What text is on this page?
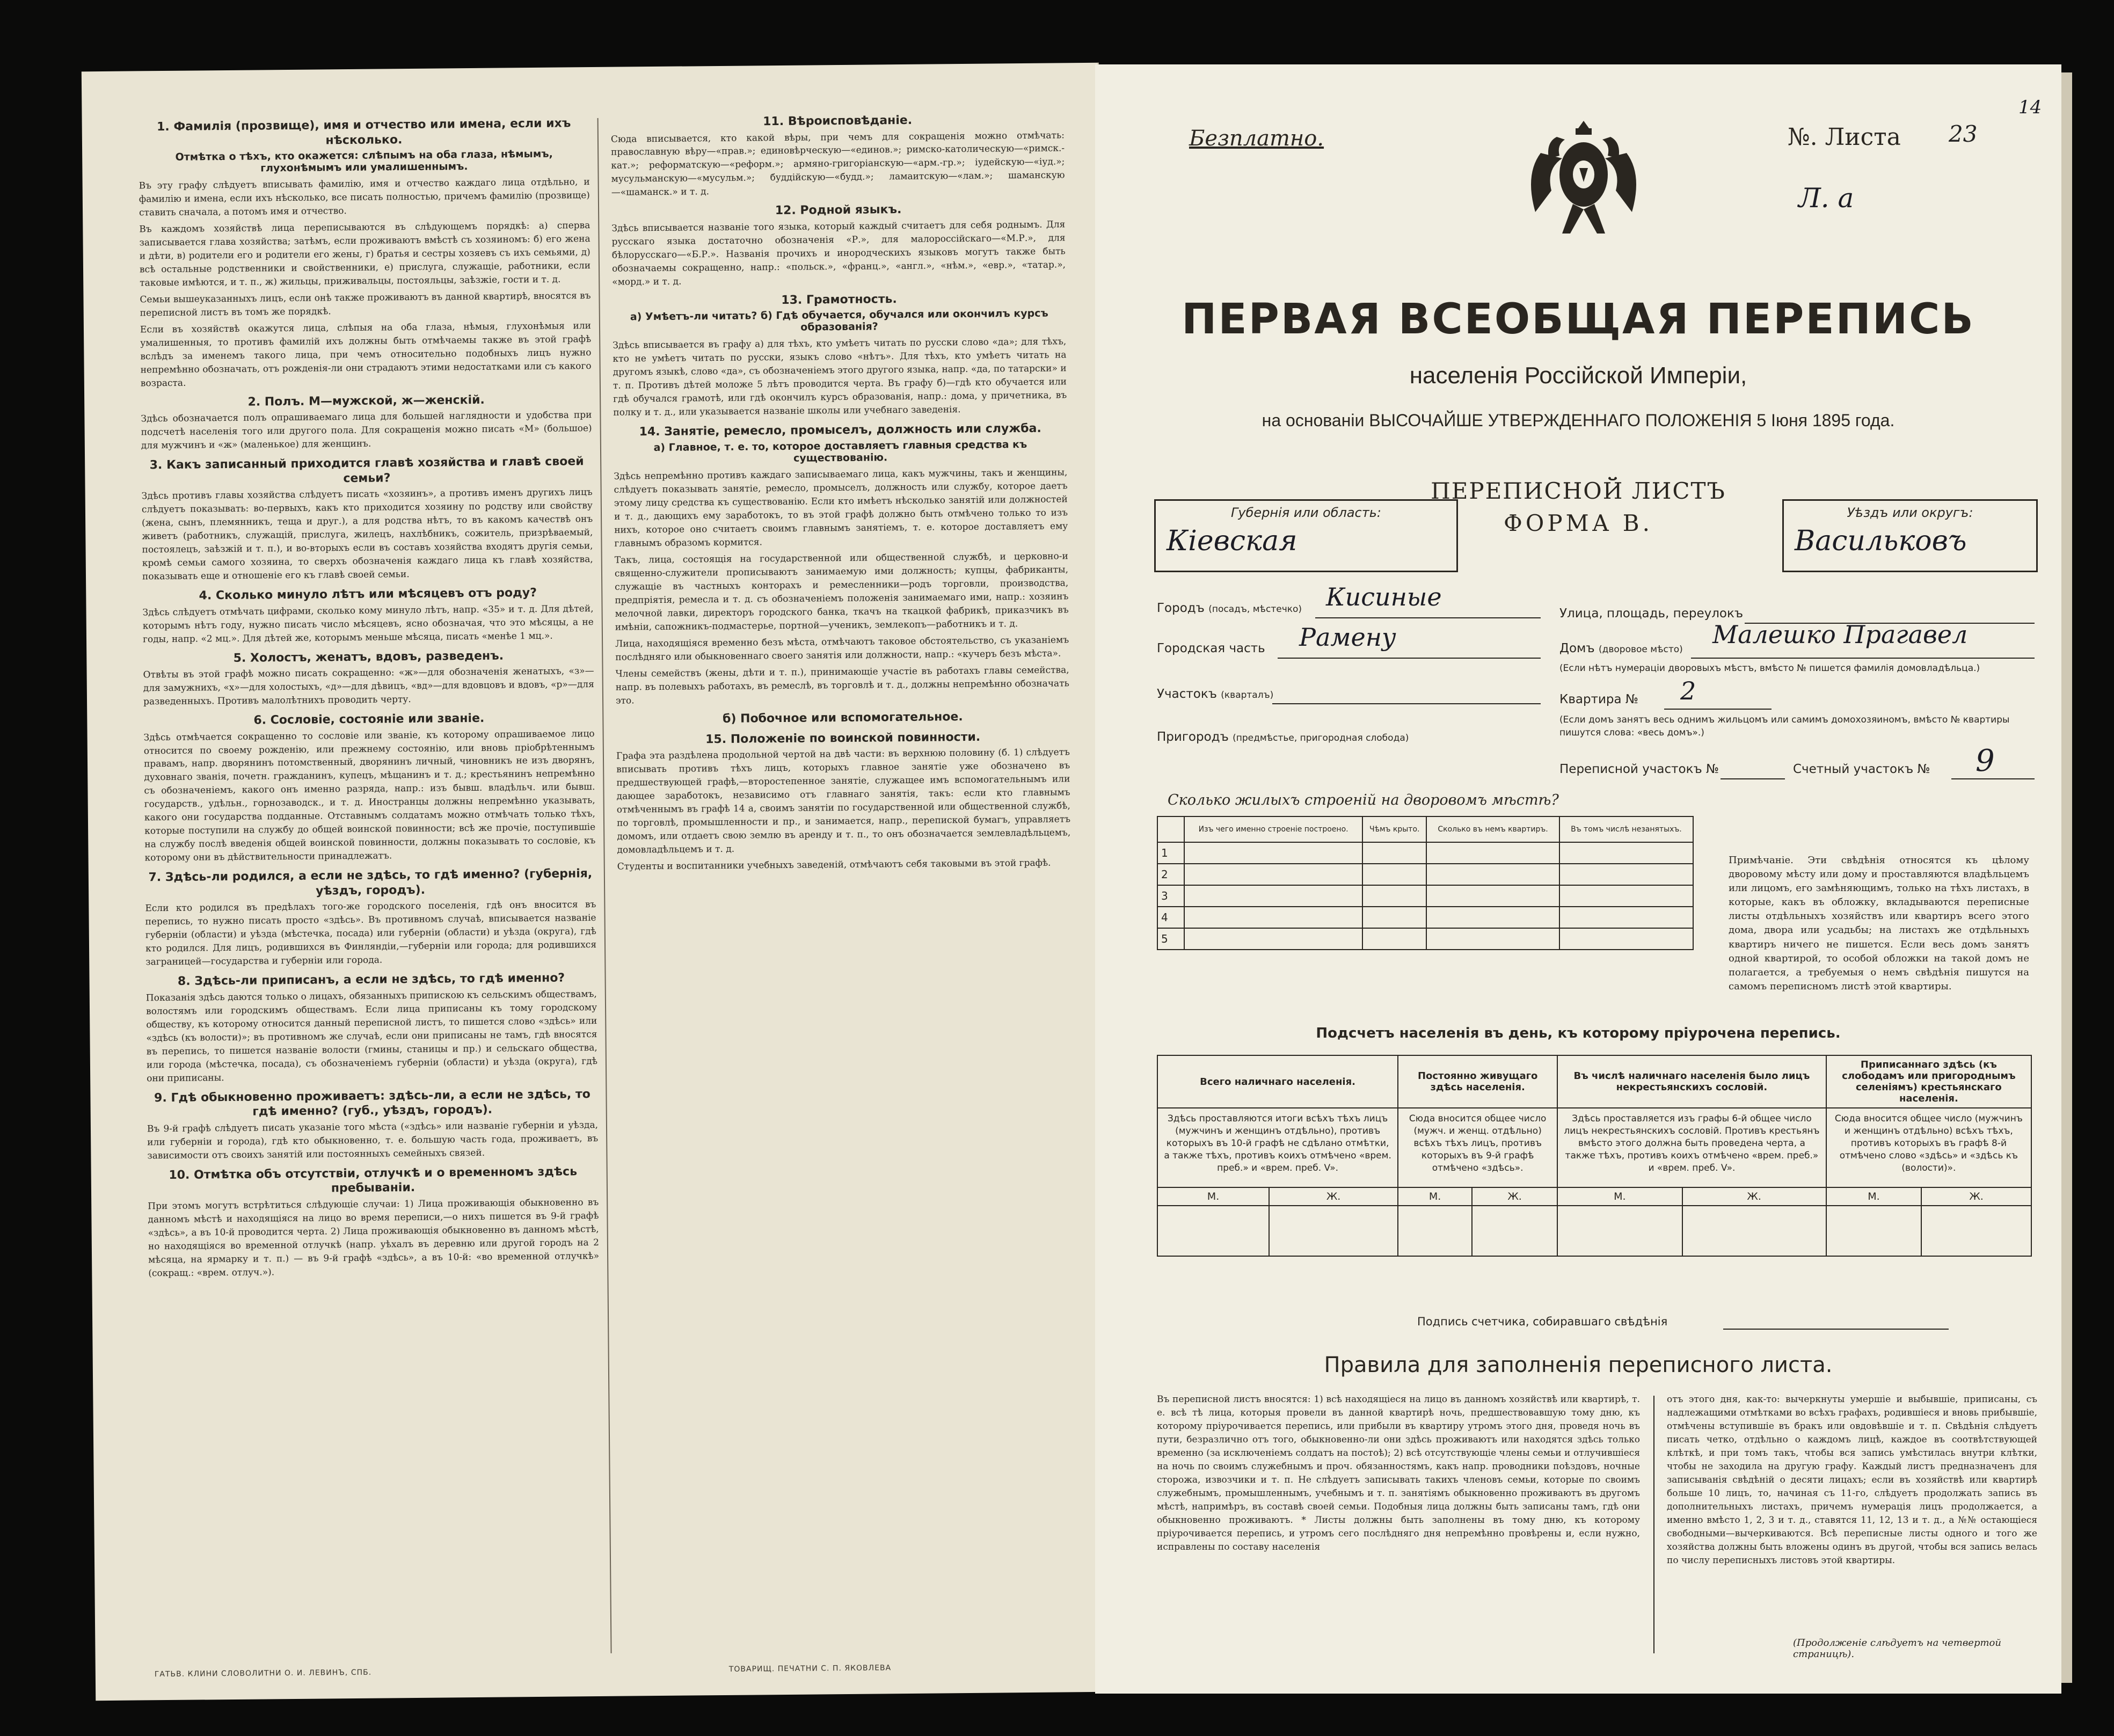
1. Фамилія (прозвище), имя и отчество или имена, если ихъ нѣсколько.
Отмѣтка о тѣхъ, кто окажется: слѣпымъ на оба глаза, нѣмымъ, глухонѣмымъ или умалишеннымъ.
Въ эту графу слѣдуетъ вписывать фамилію, имя и отчество каждаго лица отдѣльно, и фамилію и имена, если ихъ нѣсколько, все писать полностью, причемъ фамилію (прозвище) ставить сначала, а потомъ имя и отчество.
Въ каждомъ хозяйствѣ лица переписываются въ слѣдующемъ порядкѣ: а) сперва записывается глава хозяйства; затѣмъ, если проживаютъ вмѣстѣ съ хозяиномъ: б) его жена и дѣти, в) родители его и родители его жены, г) братья и сестры хозяевъ съ ихъ семьями, д) всѣ остальные родственники и свойственники, е) прислуга, служащіе, работники, если таковые имѣются, и т. п., ж) жильцы, приживальцы, постояльцы, заѣзжіе, гости и т. д.
Семьи вышеуказанныхъ лицъ, если онѣ также проживаютъ въ данной квартирѣ, вносятся въ переписной листъ въ томъ же порядкѣ.
Если въ хозяйствѣ окажутся лица, слѣпыя на оба глаза, нѣмыя, глухонѣмыя или умалишенныя, то противъ фамилій ихъ должны быть отмѣчаемы также въ этой графѣ вслѣдъ за именемъ такого лица, при чемъ относительно подобныхъ лицъ нужно непремѣнно обозначать, отъ рожденія-ли они страдаютъ этими недостатками или съ какого возраста.
2. Полъ. М—мужской, ж—женскій.
Здѣсь обозначается полъ опрашиваемаго лица для большей наглядности и удобства при подсчетѣ населенія того или другого пола. Для сокращенія можно писать «М» (большое) для мужчинъ и «ж» (маленькое) для женщинъ.
3. Какъ записанный приходится главѣ хозяйства и главѣ своей семьи?
Здѣсь противъ главы хозяйства слѣдуетъ писать «хозяинъ», а противъ именъ другихъ лицъ слѣдуетъ показывать: во-первыхъ, какъ кто приходится хозяину по родству или свойству (жена, сынъ, племянникъ, теща и друг.), а для родства нѣтъ, то въ какомъ качествѣ онъ живетъ (работникъ, служащій, прислуга, жилецъ, нахлѣбникъ, сожитель, призрѣваемый, постоялецъ, заѣзжій и т. п.), и во-вторыхъ если въ составъ хозяйства входятъ другія семьи, кромѣ семьи самого хозяина, то сверхъ обозначенія каждаго лица къ главѣ хозяйства, показывать еще и отношеніе его къ главѣ своей семьи.
4. Сколько минуло лѣтъ или мѣсяцевъ отъ роду?
Здѣсь слѣдуетъ отмѣчать цифрами, сколько кому минуло лѣтъ, напр. «35» и т. д. Для дѣтей, которымъ нѣтъ году, нужно писать число мѣсяцевъ, ясно обозначая, что это мѣсяцы, а не годы, напр. «2 мц.». Для дѣтей же, которымъ меньше мѣсяца, писать «менѣе 1 мц.».
5. Холостъ, женатъ, вдовъ, разведенъ.
Отвѣты въ этой графѣ можно писать сокращенно: «ж»—для обозначенія женатыхъ, «з»—для замужнихъ, «х»—для холостыхъ, «д»—для дѣвицъ, «вд»—для вдовцовъ и вдовъ, «р»—для разведенныхъ. Противъ малолѣтнихъ проводить черту.
6. Сословіе, состояніе или званіе.
Здѣсь отмѣчается сокращенно то сословіе или званіе, къ которому опрашиваемое лицо относится по своему рожденію, или прежнему состоянію, или вновь пріобрѣтеннымъ правамъ, напр. дворянинъ потомственный, дворянинъ личный, чиновникъ не изъ дворянъ, духовнаго званія, почетн. гражданинъ, купецъ, мѣщанинъ и т. д.; крестьянинъ непремѣнно съ обозначеніемъ, какого онъ именно разряда, напр.: изъ бывш. владѣльч. или бывш. государств., удѣльн., горнозаводск., и т. д. Иностранцы должны непремѣнно указывать, какого они государства подданные. Отставнымъ солдатамъ можно отмѣчать только тѣхъ, которые поступили на службу до общей воинской повинности; всѣ же прочіе, поступившіе на службу послѣ введенія общей воинской повинности, должны показывать то сословіе, къ которому они въ дѣйствительности принадлежатъ.
7. Здѣсь-ли родился, а если не здѣсь, то гдѣ именно? (губернія, уѣздъ, городъ).
Если кто родился въ предѣлахъ того-же городского поселенія, гдѣ онъ вносится въ перепись, то нужно писать просто «здѣсь». Въ противномъ случаѣ, вписывается названіе губерніи (области) и уѣзда (мѣстечка, посада) или губерніи (области) и уѣзда (округа), гдѣ кто родился. Для лицъ, родившихся въ Финляндіи,—губерніи или города; для родившихся заграницей—государства и губерніи или города.
8. Здѣсь-ли приписанъ, а если не здѣсь, то гдѣ именно?
Показанія здѣсь даются только о лицахъ, обязанныхъ припискою къ сельскимъ обществамъ, волостямъ или городскимъ обществамъ. Если лица приписаны къ тому городскому обществу, къ которому относится данный переписной листъ, то пишется слово «здѣсь» или «здѣсь (къ волости)»; въ противномъ же случаѣ, если они приписаны не тамъ, гдѣ вносятся въ перепись, то пишется названіе волости (гмины, станицы и пр.) и сельскаго общества, или города (мѣстечка, посада), съ обозначеніемъ губерніи (области) и уѣзда (округа), гдѣ они приписаны.
9. Гдѣ обыкновенно проживаетъ: здѣсь-ли, а если не здѣсь, то гдѣ именно? (губ., уѣздъ, городъ).
Въ 9-й графѣ слѣдуетъ писать указаніе того мѣста («здѣсь» или названіе губерніи и уѣзда, или губерніи и города), гдѣ кто обыкновенно, т. е. большую часть года, проживаетъ, въ зависимости отъ своихъ занятій или постоянныхъ семейныхъ связей.
10. Отмѣтка объ отсутствіи, отлучкѣ и о временномъ здѣсь пребываніи.
При этомъ могутъ встрѣтиться слѣдующіе случаи: 1) Лица проживающія обыкновенно въ данномъ мѣстѣ и находящіяся на лицо во время переписи,—о нихъ пишется въ 9-й графѣ «здѣсь», а въ 10-й проводится черта. 2) Лица проживающія обыкновенно въ данномъ мѣстѣ, но находящіяся во временной отлучкѣ (напр. уѣхалъ въ деревню или другой городъ на 2 мѣсяца, на ярмарку и т. п.) — въ 9-й графѣ «здѣсь», а въ 10-й: «во временной отлучкѣ» (сокращ.: «врем. отлуч.»).
11. Вѣроисповѣданіе.
Сюда вписывается, кто какой вѣры, при чемъ для сокращенія можно отмѣчать: православную вѣру—«прав.»; единовѣрческую—«единов.»; римско-католическую—«римск.-кат.»; реформатскую—«реформ.»; армяно-григоріанскую—«арм.-гр.»; іудейскую—«іуд.»; мусульманскую—«мусульм.»; буддійскую—«будд.»; ламаитскую—«лам.»; шаманскую—«шаманск.» и т. д.
12. Родной языкъ.
Здѣсь вписывается названіе того языка, который каждый считаетъ для себя роднымъ. Для русскаго языка достаточно обозначенія «Р.», для малороссійскаго—«М.Р.», для бѣлорусскаго—«Б.Р.». Названія прочихъ и инородческихъ языковъ могутъ также быть обозначаемы сокращенно, напр.: «польск.», «франц.», «англ.», «нѣм.», «евр.», «татар.», «морд.» и т. д.
13. Грамотность.
а) Умѣетъ-ли читать? б) Гдѣ обучается, обучался или окончилъ курсъ образованія?
Здѣсь вписывается въ графу а) для тѣхъ, кто умѣетъ читать по русски слово «да»; для тѣхъ, кто не умѣетъ читать по русски, языкъ слово «нѣтъ». Для тѣхъ, кто умѣетъ читать на другомъ языкѣ, слово «да», съ обозначеніемъ этого другого языка, напр. «да, по татарски» и т. п. Противъ дѣтей моложе 5 лѣтъ проводится черта. Въ графу б)—гдѣ кто обучается или гдѣ обучался грамотѣ, или гдѣ окончилъ курсъ образованія, напр.: дома, у причетника, въ полку и т. д., или указывается названіе школы или учебнаго заведенія.
14. Занятіе, ремесло, промыселъ, должность или служба.
а) Главное, т. е. то, которое доставляетъ главныя средства къ существованію.
Здѣсь непремѣнно противъ каждаго записываемаго лица, какъ мужчины, такъ и женщины, слѣдуетъ показывать занятіе, ремесло, промыселъ, должность или службу, которое даетъ этому лицу средства къ существованію. Если кто имѣетъ нѣсколько занятій или должностей и т. д., дающихъ ему заработокъ, то въ этой графѣ должно быть отмѣчено только то изъ нихъ, которое оно считаетъ своимъ главнымъ занятіемъ, т. е. которое доставляетъ ему главнымъ образомъ кормится.
Такъ, лица, состоящія на государственной или общественной службѣ, и церковно-и священно-служители прописываютъ занимаемую ими должность; купцы, фабриканты, служащіе въ частныхъ конторахъ и ремесленники—родъ торговли, производства, предпріятія, ремесла и т. д. съ обозначеніемъ положенія занимаемаго ими, напр.: хозяинъ мелочной лавки, директоръ городского банка, ткачъ на ткацкой фабрикѣ, приказчикъ въ имѣніи, сапожникъ-подмастерье, портной—ученикъ, землекопъ—работникъ и т. д.
Лица, находящіяся временно безъ мѣста, отмѣчаютъ таковое обстоятельство, съ указаніемъ послѣдняго или обыкновеннаго своего занятія или должности, напр.: «кучеръ безъ мѣста».
Члены семействъ (жены, дѣти и т. п.), принимающіе участіе въ работахъ главы семейства, напр. въ полевыхъ работахъ, въ ремеслѣ, въ торговлѣ и т. д., должны непремѣнно обозначать это.
б) Побочное или вспомогательное.
15. Положеніе по воинской повинности.
Графа эта раздѣлена продольной чертой на двѣ части: въ верхнюю половину (б. 1) слѣдуетъ вписывать противъ тѣхъ лицъ, которыхъ главное занятіе уже обозначено въ предшествующей графѣ,—второстепенное занятіе, служащее имъ вспомогательнымъ или дающее заработокъ, независимо отъ главнаго занятія, такъ: если кто главнымъ отмѣченнымъ въ графѣ 14 а, своимъ занятіи по государственной или общественной службѣ, по торговлѣ, промышленности и пр., и занимается, напр., перепиской бумагъ, управляетъ домомъ, или отдаетъ свою землю въ аренду и т. п., то онъ обозначается землевладѣльцемъ, домовладѣльцемъ и т. д.
Студенты и воспитанники учебныхъ заведеній, отмѣчаютъ себя таковыми въ этой графѣ.
ГАТЬВ. КЛИНИ СЛОВОЛИТНИ О. И. ЛЕВИНЪ, СПБ.	ТОВАРИЩ. ПЕЧАТНИ С. П. ЯКОВЛЕВА
14
Безплатно.	№. Листа 23
Л. а
ПЕРВАЯ ВСЕОБЩАЯ ПЕРЕПИСЬ
населенія Россійской Имперіи,
на основаніи ВЫСОЧАЙШЕ УТВЕРЖДЕННАГО ПОЛОЖЕНІЯ 5 Іюня 1895 года.
ПЕРЕПИСНОЙ ЛИСТЪ
ФОРМА В.
Губернія или область:
Кіевская
Уѣздъ или округъ:
Васильковъ
Городъ (посадъ, мѣстечко) Кисиные
Городская часть Рамену
Участокъ (кварталъ)
Пригородъ (предмѣстье, пригородная слобода)
Улица, площадь, переулокъ
Домъ (дворовое мѣсто)
Малешко Прагавел
(Если нѣтъ нумераціи дворовыхъ мѣстъ, вмѣсто № пишется фамилія домовладѣльца.)
Квартира № 2
(Если домъ занятъ весь однимъ жильцомъ или самимъ домохозяиномъ, вмѣсто № квартиры пишутся слова: «весь домъ».)
Переписной участокъ №	Счетный участокъ № 9
Сколько жилыхъ строеній на дворовомъ мѣстѣ?
	Изъ чего именно строеніе построено.	Чѣмъ крыто.	Сколько въ немъ квартиръ.	Въ томъ числѣ незанятыхъ.
1				
2				
3				
4				
5				
Примѣчаніе. Эти свѣдѣнія относятся къ цѣлому дворовому мѣсту или дому и проставляются владѣльцемъ или лицомъ, его замѣняющимъ, только на тѣхъ листахъ, в которые, какъ въ обложку, вкладываются переписные листы отдѣльныхъ хозяйствъ или квартиръ всего этого дома, двора или усадьбы; на листахъ же отдѣльныхъ квартиръ ничего не пишется. Если весь домъ занятъ одной квартирой, то особой обложки на такой домъ не полагается, а требуемыя о немъ свѣдѣнія пишутся на самомъ переписномъ листѣ этой квартиры.
Подсчетъ населенія въ день, къ которому пріурочена перепись.
Всего наличнаго населенія.		Постоянно живущаго здѣсь населенія.		Въ числѣ наличнаго населенія было лицъ некрестьянскихъ сословій.		Приписаннаго здѣсь (къ слободамъ или пригороднымъ селеніямъ) крестьянскаго населенія.	
Здѣсь проставляются итоги всѣхъ тѣхъ лицъ (мужчинъ и женщинъ отдѣльно), противъ которыхъ въ 10-й графѣ не сдѣлано отмѣтки, а также тѣхъ, противъ коихъ отмѣчено «врем. преб.» и «врем. преб. V».		Сюда вносится общее число (мужч. и женщ. отдѣльно) всѣхъ тѣхъ лицъ, противъ которыхъ въ 9-й графѣ отмѣчено «здѣсь».		Здѣсь проставляется изъ графы 6-й общее число лицъ некрестьянскихъ сословій. Противъ крестьянъ вмѣсто этого должна быть проведена черта, а также тѣхъ, противъ коихъ отмѣчено «врем. преб.» и «врем. преб. V».		Сюда вносится общее число (мужчинъ и женщинъ отдѣльно) всѣхъ тѣхъ, противъ которыхъ въ графѣ 8-й отмѣчено слово «здѣсь» и «здѣсь къ (волости)».	
М.	Ж.	М.	Ж.	М.	Ж.	М.	Ж.

Подпись счетчика, собиравшаго свѣдѣнія
Правила для заполненія переписного листа.
Въ переписной листъ вносятся: 1) всѣ находящіеся на лицо въ данномъ хозяйствѣ или квартирѣ, т. е. всѣ тѣ лица, которыя провели въ данной квартирѣ ночь, предшествовавшую тому дню, къ которому пріурочивается перепись, или прибыли въ квартиру утромъ этого дня, проведя ночь въ пути, безразлично отъ того, обыкновенно-ли они здѣсь проживаютъ или находятся здѣсь только временно (за исключеніемъ солдатъ на постоѣ); 2) всѣ отсутствующіе члены семьи и отлучившіеся на ночь по своимъ служебнымъ и проч. обязанностямъ, какъ напр. проводники поѣздовъ, ночные сторожа, извозчики и т. п. Не слѣдуетъ записывать такихъ членовъ семьи, которые по своимъ служебнымъ, промышленнымъ, учебнымъ и т. п. занятіямъ обыкновенно проживаютъ въ другомъ мѣстѣ, напримѣръ, въ составѣ своей семьи. Подобныя лица должны быть записаны тамъ, гдѣ они обыкновенно проживаютъ. * Листы должны быть заполнены въ тому дню, къ которому пріурочивается перепись, и утромъ сего послѣдняго дня непремѣнно провѣрены и, если нужно, исправлены по составу населенія
отъ этого дня, как-то: вычеркнуты умершіе и выбывшіе, приписаны, съ надлежащими отмѣтками во всѣхъ графахъ, родившіеся и вновь прибывшіе, отмѣчены вступившіе въ бракъ или овдовѣвшіе и т. п. Свѣдѣнія слѣдуетъ писать четко, отдѣльно о каждомъ лицѣ, каждое въ соотвѣтствующей клѣткѣ, и при томъ такъ, чтобы вся запись умѣстилась внутри клѣтки, чтобы не заходила на другую графу. Каждый листъ предназначенъ для записыванія свѣдѣній о десяти лицахъ; если въ хозяйствѣ или квартирѣ больше 10 лицъ, то, начиная съ 11-го, слѣдуетъ продолжать запись въ дополнительныхъ листахъ, причемъ нумерація лицъ продолжается, а именно вмѣсто 1, 2, 3 и т. д., ставятся 11, 12, 13 и т. д., а №№ остающіеся свободными—вычеркиваются. Всѣ переписные листы одного и того же хозяйства должны быть вложены одинъ въ другой, чтобы вся запись велась по числу переписныхъ листовъ этой квартиры.
(Продолженіе слѣдуетъ на четвертой страницѣ).
